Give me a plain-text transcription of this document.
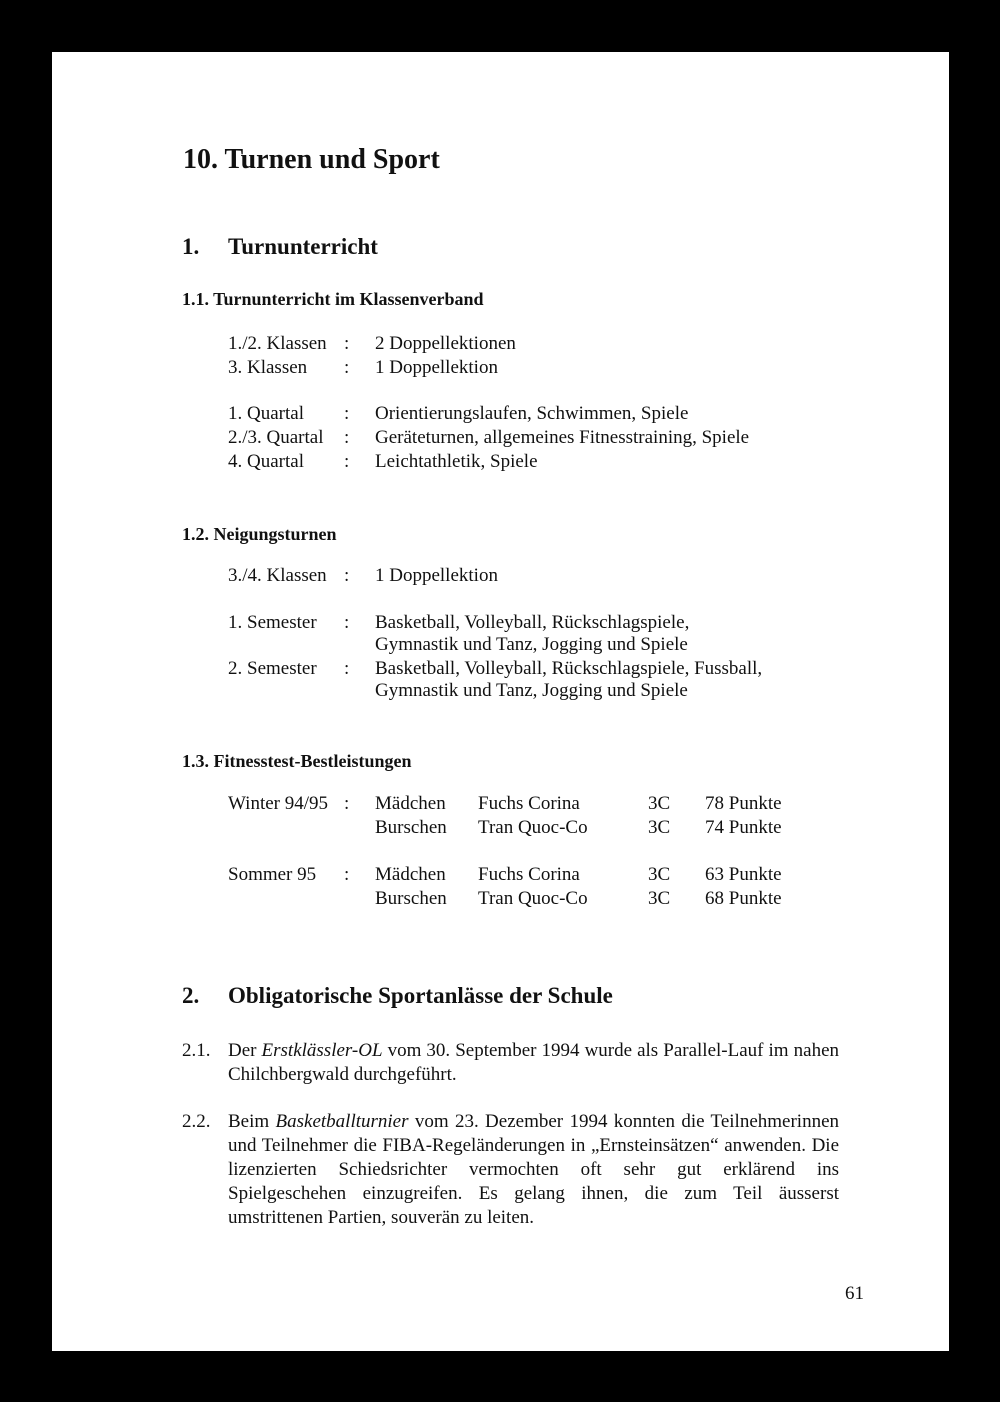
10. Turnen und Sport
1. Turnunterricht
1.1. Turnunterricht im Klassenverband
1./2. Klassen : 2 Doppellektionen
3. Klassen : 1 Doppellektion
1. Quartal : Orientierungslaufen, Schwimmen, Spiele
2./3. Quartal : Geräteturnen, allgemeines Fitnesstraining, Spiele
4. Quartal : Leichtathletik, Spiele
1.2. Neigungsturnen
3./4. Klassen : 1 Doppellektion
1. Semester : Basketball, Volleyball, Rückschlagspiele,
Gymnastik und Tanz, Jogging und Spiele
2. Semester : Basketball, Volleyball, Rückschlagspiele, Fussball,
Gymnastik und Tanz, Jogging und Spiele
1.3. Fitnesstest-Bestleistungen
Winter 94/95 : Mädchen Fuchs Corina	3C 78 Punkte
Burschen Tran Quoc-Co	3C 74 Punkte
Sommer 95 : Mädchen Fuchs Corina	3C 63 Punkte
Burschen Tran Quoc-Co	3C 68 Punkte
2. Obligatorische Sportanlässe der Schule
2.1. Der Erstklässler-OL vom 30. September 1994 wurde als Parallel-Lauf im nahen Chilchbergwald durchgeführt.
2.2. Beim Basketballturnier vom 23. Dezember 1994 konnten die Teilnehmerinnen und Teilnehmer die FIBA-Regeländerungen in „Ernsteinsätzen“ anwenden. Die lizenzierten Schiedsrichter vermochten oft sehr gut erklärend ins Spielgeschehen einzugreifen. Es gelang ihnen, die zum Teil äusserst umstrittenen Partien, souverän zu leiten.
61
